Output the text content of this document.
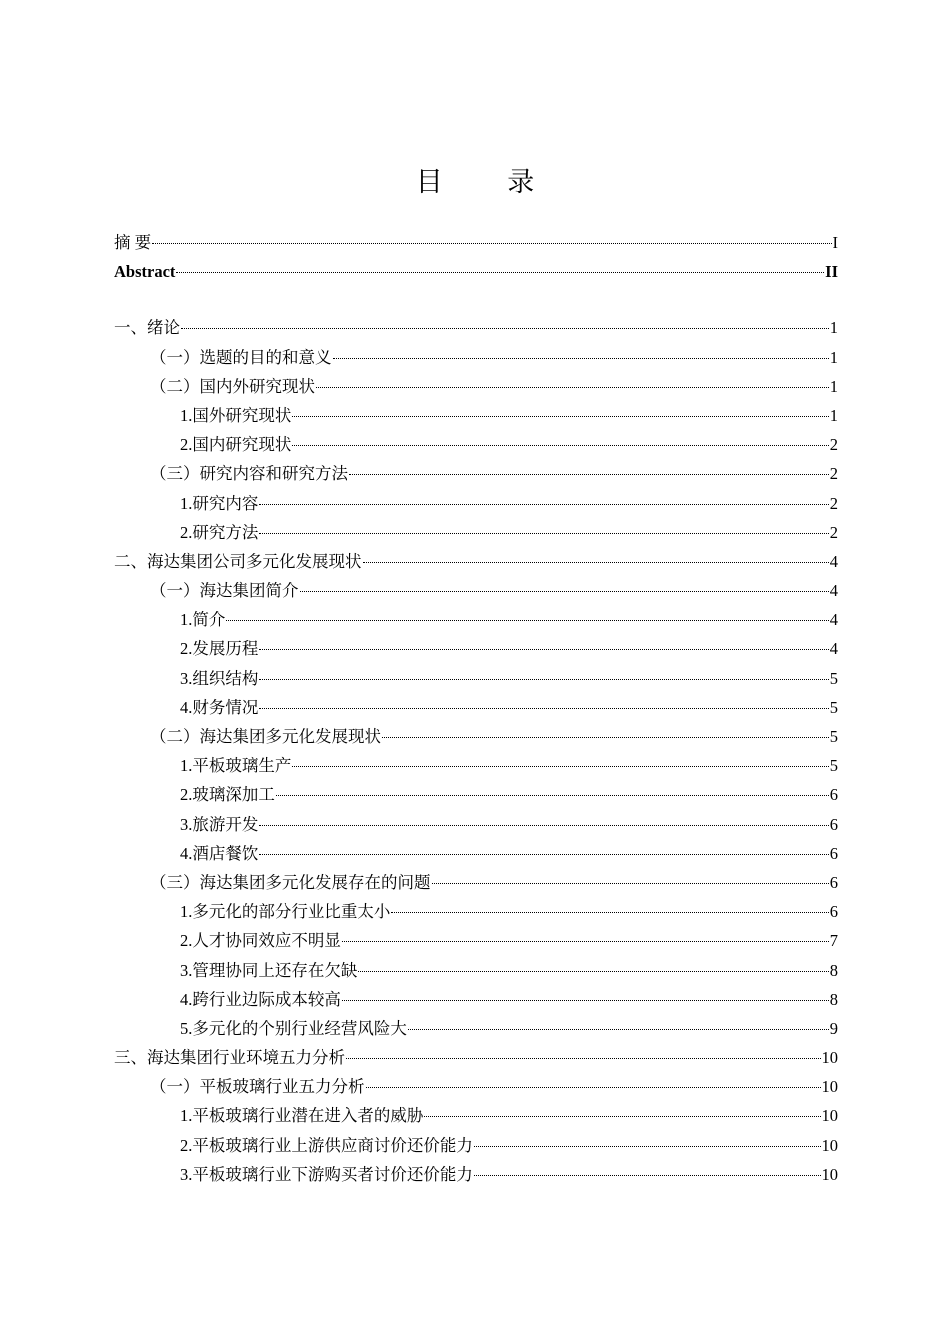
目 录
摘 要	I
Abstract	II
一、绪论	1
（一）选题的目的和意义	1
（二）国内外研究现状	1
1.国外研究现状	1
2.国内研究现状	2
（三）研究内容和研究方法	2
1.研究内容	2
2.研究方法	2
二、海达集团公司多元化发展现状	4
（一）海达集团简介	4
1.简介	4
2.发展历程	4
3.组织结构	5
4.财务情况	5
（二）海达集团多元化发展现状	5
1.平板玻璃生产	5
2.玻璃深加工	6
3.旅游开发	6
4.酒店餐饮	6
（三）海达集团多元化发展存在的问题	6
1.多元化的部分行业比重太小	6
2.人才协同效应不明显	7
3.管理协同上还存在欠缺	8
4.跨行业边际成本较高	8
5.多元化的个别行业经营风险大	9
三、海达集团行业环境五力分析	10
（一）平板玻璃行业五力分析	10
1.平板玻璃行业潜在进入者的威胁	10
2.平板玻璃行业上游供应商讨价还价能力	10
3.平板玻璃行业下游购买者讨价还价能力	10
